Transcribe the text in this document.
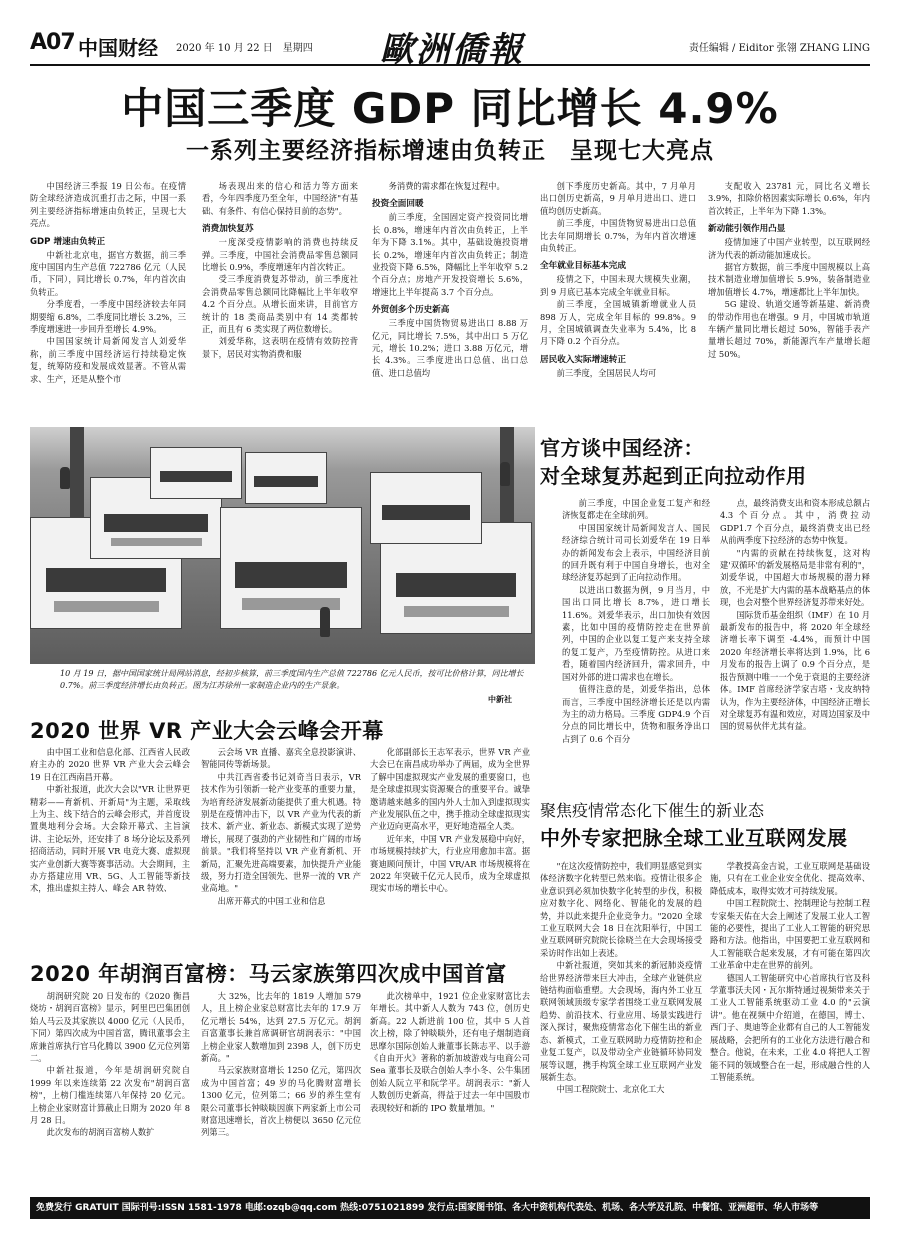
A07 中国财经 2020 年 10 月 22 日　星期四 歐洲僑報	责任编辑 / Eiditor 张翎 ZHANG LING
中国三季度 GDP 同比增长 4.9%
一系列主要经济指标增速由负转正　呈现七大亮点

中国经济三季报 19 日公布。在疫情防全球经济造成沉重打击之际，中国一系列主要经济指标增速由负转正，呈现七大亮点。

GDP 增速由负转正

中新社北京电，据官方数据，前三季度中国国内生产总值 722786 亿元（人民币，下同），同比增长 0.7%，年内首次由负转正。

分季度看，一季度中国经济较去年同期要缩 6.8%，二季度同比增长 3.2%，三季度增速进一步回升至增长 4.9%。

中国国家统计局新闻发言人刘爱华称，前三季度中国经济运行持续稳定恢复，统筹防疫和发展成效显著。不管从需求、生产，还是从整个市

场表现出来的信心和活力等方面来看，今年四季度乃至全年，中国经济"有基础、有条件、有信心保持目前的态势"。

消费加快复苏

一度深受疫情影响的消费也持续反弹。三季度，中国社会消费品零售总额同比增长 0.9%，季度增速年内首次转正。

受三季度消费复苏带动，前三季度社会消费品零售总额同比降幅比上半年收窄 4.2 个百分点。从增长面来讲，目前官方统计的 18 类商品类别中有 14 类都转正，而且有 6 类实现了两位数增长。

刘爱华称，这表明在疫情有效防控背景下，居民对实物消费和服

务消费的需求都在恢复过程中。

投资全面回暖

前三季度，全国固定资产投资同比增长 0.8%，增速年内首次由负转正，上半年为下降 3.1%。其中，基础设施投资增长 0.2%，增速年内首次由负转正；制造业投资下降 6.5%，降幅比上半年收窄 5.2 个百分点；房地产开发投资增长 5.6%，增速比上半年提高 3.7 个百分点。

外贸创多个历史新高

三季度中国货物贸易进出口 8.88 万亿元，同比增长 7.5%，其中出口 5 万亿元，增长 10.2%；进口 3.88 万亿元，增长 4.3%。三季度进出口总值、出口总值、进口总值均

创下季度历史新高。其中，7 月单月出口创历史新高，9 月单月进出口、进口值均创历史新高。

前三季度，中国货物贸易进出口总值比去年同期增长 0.7%，为年内首次增速由负转正。

全年就业目标基本完成

疫情之下，中国未现大规模失业潮，到 9 月底已基本完成全年就业目标。

前三季度，全国城镇新增就业人员 898 万人，完成全年目标的 99.8%。9 月，全国城镇调查失业率为 5.4%，比 8 月下降 0.2 个百分点。

居民收入实际增速转正

前三季度，全国居民人均可

支配收入 23781 元，同比名义增长 3.9%，扣除价格因素实际增长 0.6%，年内首次转正，上半年为下降 1.3%。

新动能引领作用凸显

疫情加速了中国产业转型，以互联网经济为代表的新动能加速成长。

据官方数据，前三季度中国规模以上高技术制造业增加值增长 5.9%，装备制造业增加值增长 4.7%，增速都比上半年加快。

5G 建设、轨道交通等新基建、新消费的带动作用也在增强。9 月，中国城市轨道车辆产量同比增长超过 50%，智能手表产量增长超过 70%，新能源汽车产量增长超过 50%。

10 月 19 日，据中国国家统计局网站消息，经初步核算，前三季度国内生产总值 722786 亿元人民币，按可比价格计算，同比增长 0.7%。前三季度经济增长由负转正。图为江苏徐州一家制造企业内的生产景象。
中新社
官方谈中国经济：
对全球复苏起到正向拉动作用

前三季度，中国企业复工复产和经济恢复都走在全球前列。

中国国家统计局新闻发言人、国民经济综合统计司司长刘爱华在 19 日举办的新闻发布会上表示，中国经济目前的回升既有利于中国自身增长，也对全球经济复苏起到了正向拉动作用。

以进出口数据为例，9 月当月，中国出口同比增长 8.7%，进口增长 11.6%。刘爱华表示，出口加快有效因素，比如中国的疫情防控走在世界前列，中国的企业以复工复产来支持全球的复工复产，乃至疫情防控。从进口来看，随着国内经济回升，需求回升，中国对外部的进口需求也在增长。

值得注意的是，刘爱华指出，总体而言，三季度中国经济增长还是以内需为主的动力格局。三季度 GDP4.9 个百分点的同比增长中，货物和服务净出口占到了 0.6 个百分

点，最终消费支出和资本形成总额占 4.3 个百分点。其中，消费拉动 GDP1.7 个百分点，最终消费支出已经从前两季度下拉经济的态势中恢复。

"内需的贡献在持续恢复，这对构建'双循环'的新发展格局是非常有利的"，刘爱华说，中国超大市场规模的潜力释放，不光是扩大内需的基本战略基点的体现，也会对整个世界经济复苏带来好处。

国际货币基金组织（IMF）在 10 月最新发布的报告中，将 2020 年全球经济增长率下调至 -4.4%，而预计中国 2020 年经济增长率将达到 1.9%，比 6 月发布的报告上调了 0.9 个百分点，是报告预测中唯一一个免于衰退的主要经济体。IMF 首席经济学家吉塔・戈皮纳特认为，作为主要经济体，中国经济正增长对全球复苏有温和效应，对周边国家及中国的贸易伙伴尤其有益。

2020 世界 VR 产业大会云峰会开幕

由中国工业和信息化部、江西省人民政府主办的 2020 世界 VR 产业大会云峰会 19 日在江西南昌开幕。

中新社报道，此次大会以"VR 让世界更精彩——育新机、开新局"为主题，采取线上为主、线下结合的云峰会形式，并首度设置奥地利分会场。大会除开幕式、主旨演讲、主论坛外，还安排了 8 场分论坛及系列招商活动，同时开展 VR 电竞大赛、虚拟现实产业创新大赛等赛事活动。大会期间，主办方搭建应用 VR、5G、人工智能等新技术，推出虚拟主持人、峰会 AR 特效、

云会场 VR 直播、嘉宾全息投影演讲、智能同传等新场景。

中共江西省委书记刘奇当日表示，VR 技术作为引领新一轮产业变革的重要力量，为培育经济发展新动能提供了重大机遇。特别是在疫情冲击下，以 VR 产业为代表的新技术、新产业、新业态、新模式实现了逆势增长，展现了强劲的产业韧性和广阔的市场前景。"我们将坚持以 VR 产业育新机、开新局，汇聚先进高端要素，加快提升产业能级，努力打造全国领先、世界一流的 VR 产业高地。"

出席开幕式的中国工业和信息

化部副部长王志军表示，世界 VR 产业大会已在南昌成功举办了两届，成为全世界了解中国虚拟现实产业发展的重要窗口，也是全球虚拟现实资源聚合的重要平台。诚挚邀请越来越多的国内外人士加入到虚拟现实产业发展队伍之中，携手推动全球虚拟现实产业迈向更高水平，更好地造福全人类。

近年来，中国 VR 产业发展稳中向好，市场规模持续扩大，行业应用愈加丰富。据赛迪顾问预计，中国 VR/AR 市场规模将在 2022 年突破千亿元人民币，成为全球虚拟现实市场的增长中心。

2020 年胡润百富榜：马云家族第四次成中国首富

胡润研究院 20 日发布的《2020 衡昌烧坊・胡润百富榜》显示，阿里巴巴集团创始人马云及其家族以 4000 亿元（人民币，下同）第四次成为中国首富，腾讯董事会主席兼首席执行官马化腾以 3900 亿元位列第二。

中新社报道，今年是胡润研究院自 1999 年以来连续第 22 次发布"胡润百富榜"，上榜门槛连续第八年保持 20 亿元。上榜企业家财富计算截止日期为 2020 年 8 月 28 日。

此次发布的胡润百富榜人数扩

大 32%，比去年的 1819 人增加 579 人，且上榜企业家总财富比去年的 17.9 万亿元增长 54%，达到 27.5 万亿元。胡润百富董事长兼首席调研官胡润表示："中国上榜企业家人数增加到 2398 人，创下历史新高。"

马云家族财富增长 1250 亿元，第四次成为中国首富；49 岁的马化腾财富增长 1300 亿元，位列第二；66 岁的养生堂有限公司董事长钟睒睒因旗下两家新上市公司财富迅速增长，首次上榜便以 3650 亿元位列第三。

此次榜单中，1921 位企业家财富比去年增长。其中新人人数为 743 位，创历史新高。22 人新进前 100 位，其中 5 人首次上榜，除了钟睒睒外，还有电子烟制造商思摩尔国际创始人兼董事长陈志平、以手游《自由开火》著称的新加坡游戏与电商公司 Sea 董事长及联合创始人李小冬、公牛集团创始人阮立平和阮学平。胡润表示："新人人数创历史新高，得益于过去一年中国股市表现较好和新的 IPO 数量增加。"

聚焦疫情常态化下催生的新业态
中外专家把脉全球工业互联网发展

"在这次疫情防控中，我们明显感觉到实体经济数字化转型已然来临。疫情让很多企业意识到必须加快数字化转型的步伐，积极应对数字化、网络化、智能化的发展的趋势，并以此来提升企业竞争力。"2020 全球工业互联网大会 18 日在沈阳举行，中国工业互联网研究院院长徐晓兰在大会现场接受采访时作出如上表述。

中新社报道，突如其来的新冠肺炎疫情给世界经济带来巨大冲击，全球产业链供应链结构面临重塑。大会现场，海内外工业互联网领域顶级专家学者围绕工业互联网发展趋势、前沿技术、行业应用、场景实践进行深入探讨，聚焦疫情常态化下催生出的新业态、新模式，工业互联网助力疫情防控和企业复工复产，以及带动全产业链循环协同发展等议题，携手构筑全球工业互联网产业发展新生态。

中国工程院院士、北京化工大

学教授高金吉说，工业互联网是基础设施，只有在工业企业安全优化、提高效率、降低成本，取得实效才可持续发展。

中国工程院院士、控制理论与控制工程专家柴天佑在大会上阐述了发展工业人工智能的必要性，提出了工业人工智能的研究思路和方法。他指出，中国要把工业互联网和人工智能联合起来发展，才有可能在第四次工业革命中走在世界的前列。

德国人工智能研究中心首席执行官及科学董事沃夫冈・瓦尔斯特通过视频带来关于工业人工智能系统驱动工业 4.0 的"云演讲"。他在视频中介绍道，在德国，博士、西门子、奥迪等企业都有自己的人工智能发展战略，会把所有的工业化方法进行融合和整合。他说，在未来，工业 4.0 将把人工智能不同的领域整合在一起，形成融合性的人工智能系统。

免费发行 GRATUIT 国际刊号:ISSN 1581-1978 电邮:ozqb@qq.com 热线:0751021899 发行点:国家图书馆、各大中资机构代表处、机场、各大学及孔院、中餐馆、亚洲超市、华人市场等
